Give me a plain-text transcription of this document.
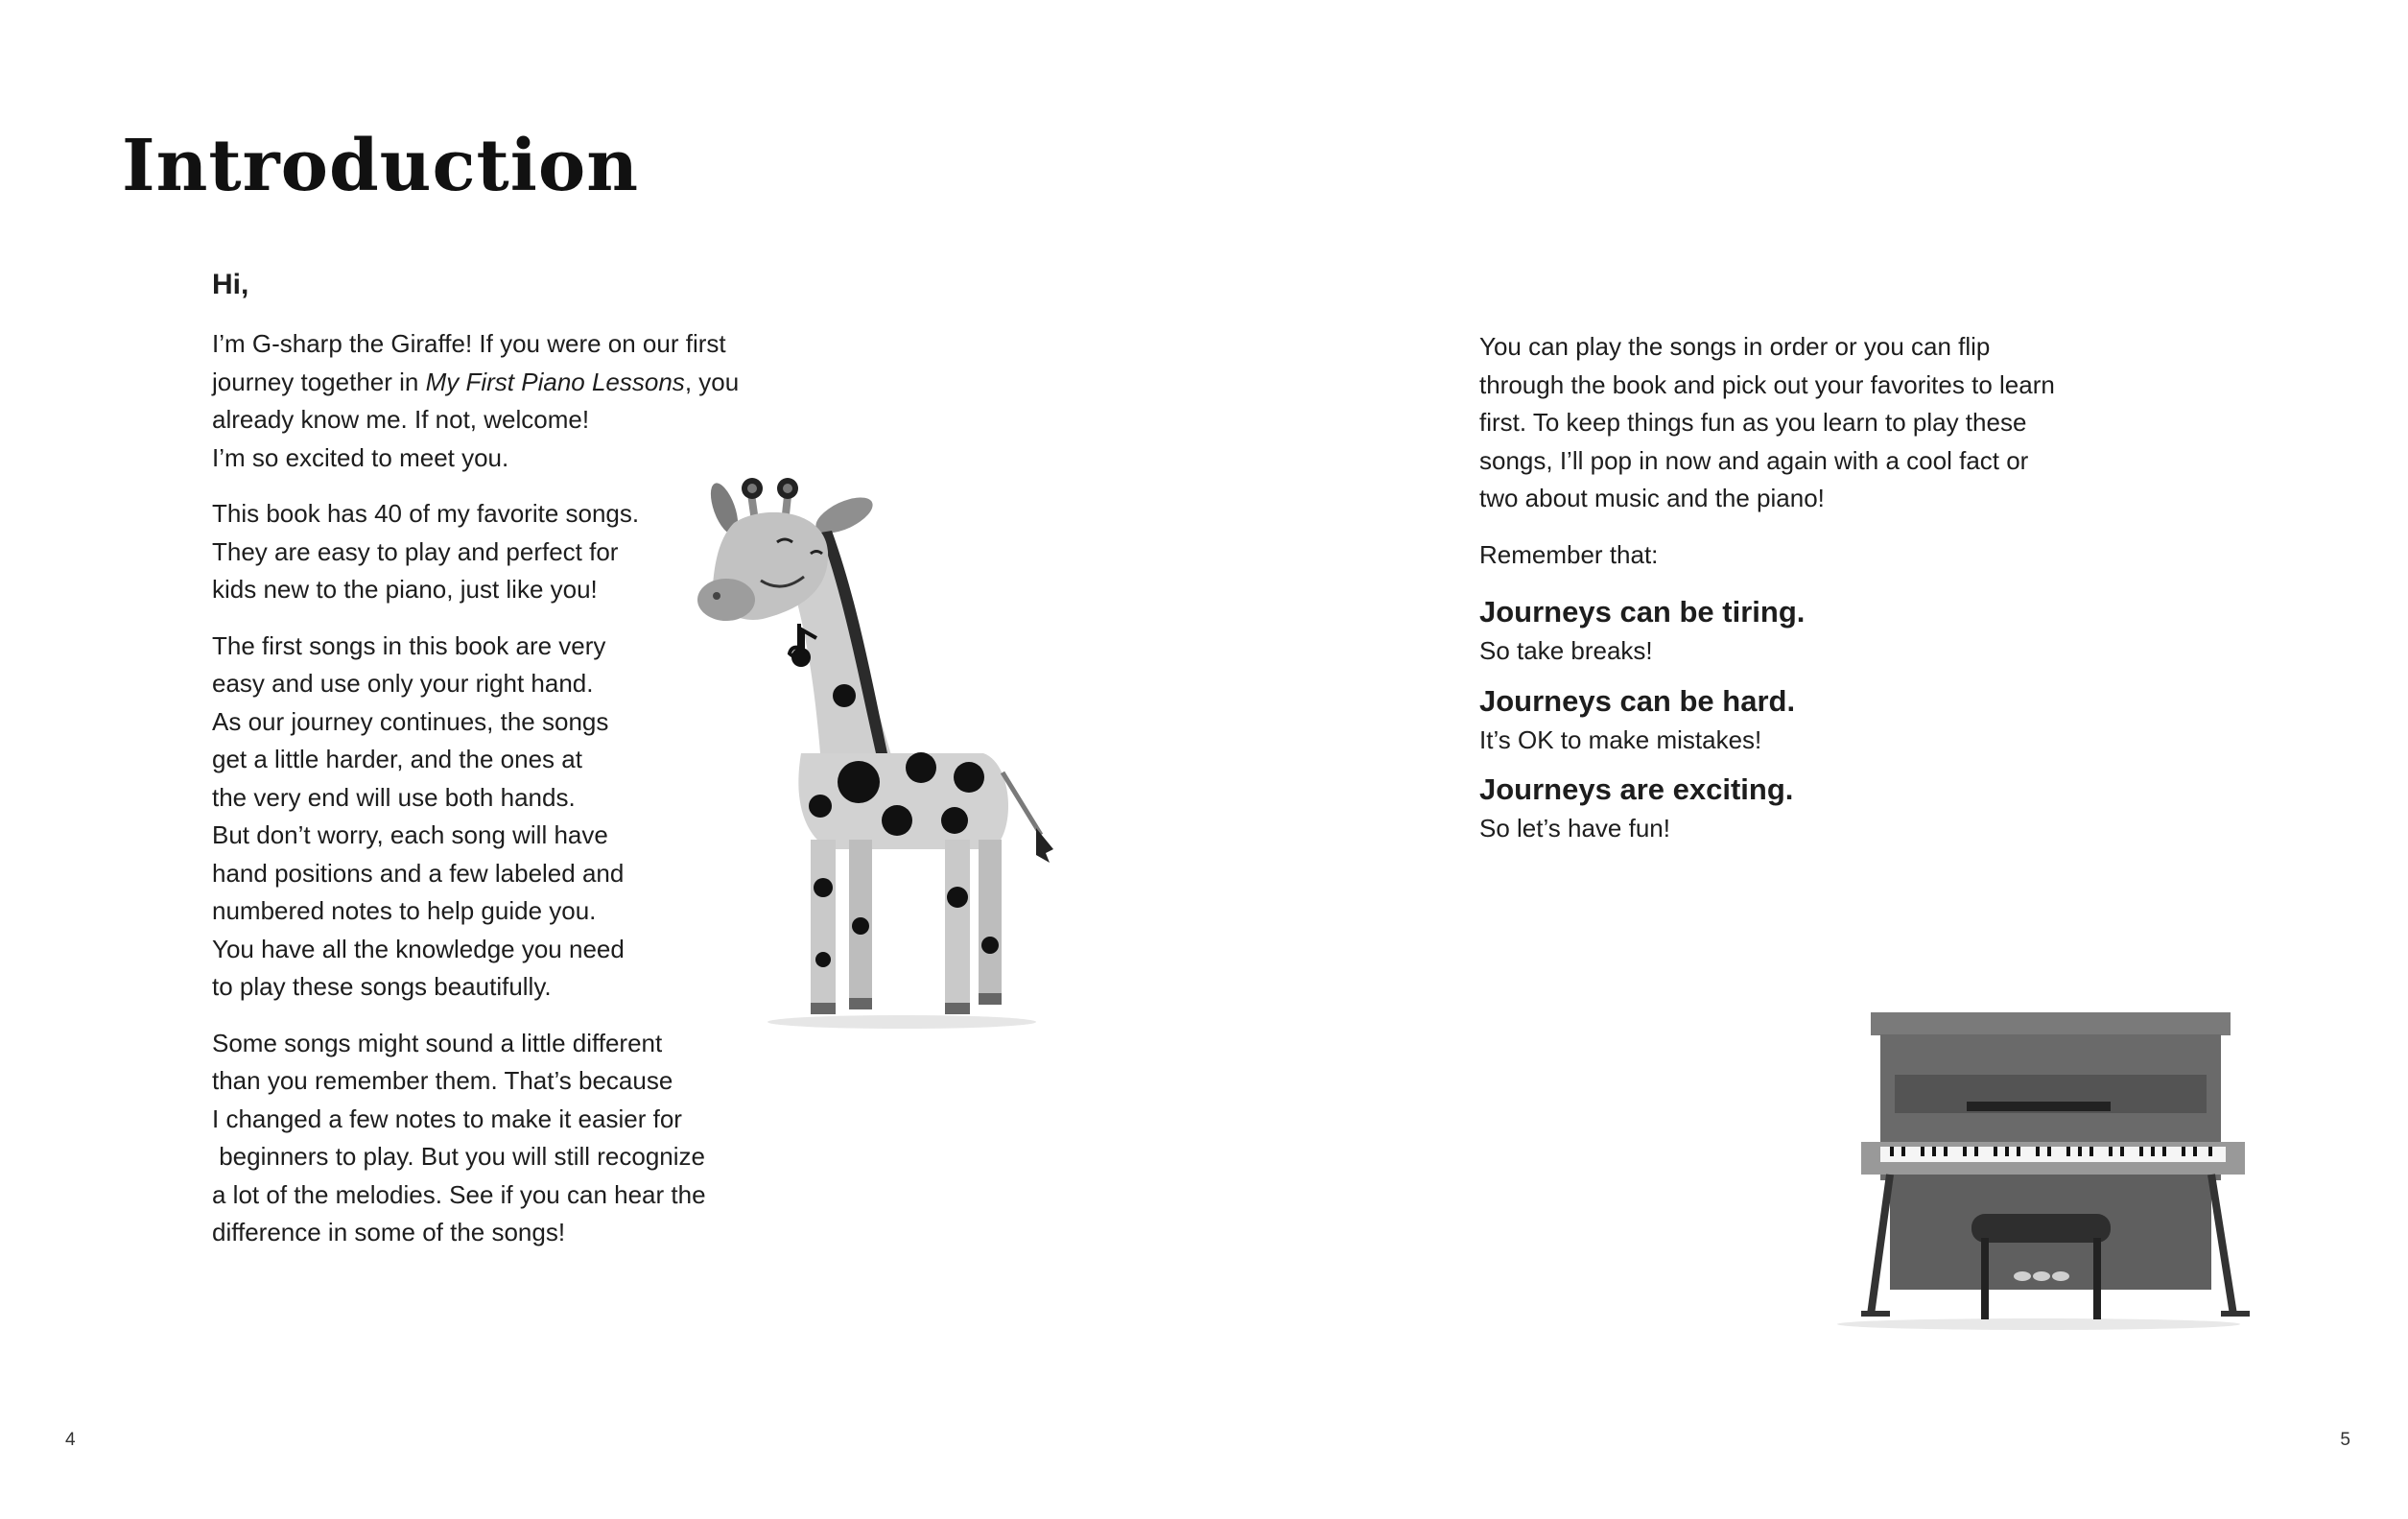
Introduction

Hi,

I’m G-sharp the Giraffe! If you were on our first
journey together in My First Piano Lessons, you
already know me. If not, welcome!
I’m so excited to meet you.

This book has 40 of my favorite songs.
They are easy to play and perfect for
kids new to the piano, just like you!

The first songs in this book are very
easy and use only your right hand.
As our journey continues, the songs
get a little harder, and the ones at
the very end will use both hands.
But don’t worry, each song will have
hand positions and a few labeled and
numbered notes to help guide you.
You have all the knowledge you need
to play these songs beautifully.

Some songs might sound a little different
than you remember them. That’s because
I changed a few notes to make it easier for
beginners to play. But you will still recognize
a lot of the melodies. See if you can hear the
difference in some of the songs!

You can play the songs in order or you can flip
through the book and pick out your favorites to learn
first. To keep things fun as you learn to play these
songs, I’ll pop in now and again with a cool fact or
two about music and the piano!

Remember that:

Journeys can be tiring.

So take breaks!

Journeys can be hard.

It’s OK to make mistakes!

Journeys are exciting.

So let’s have fun!

4	5
